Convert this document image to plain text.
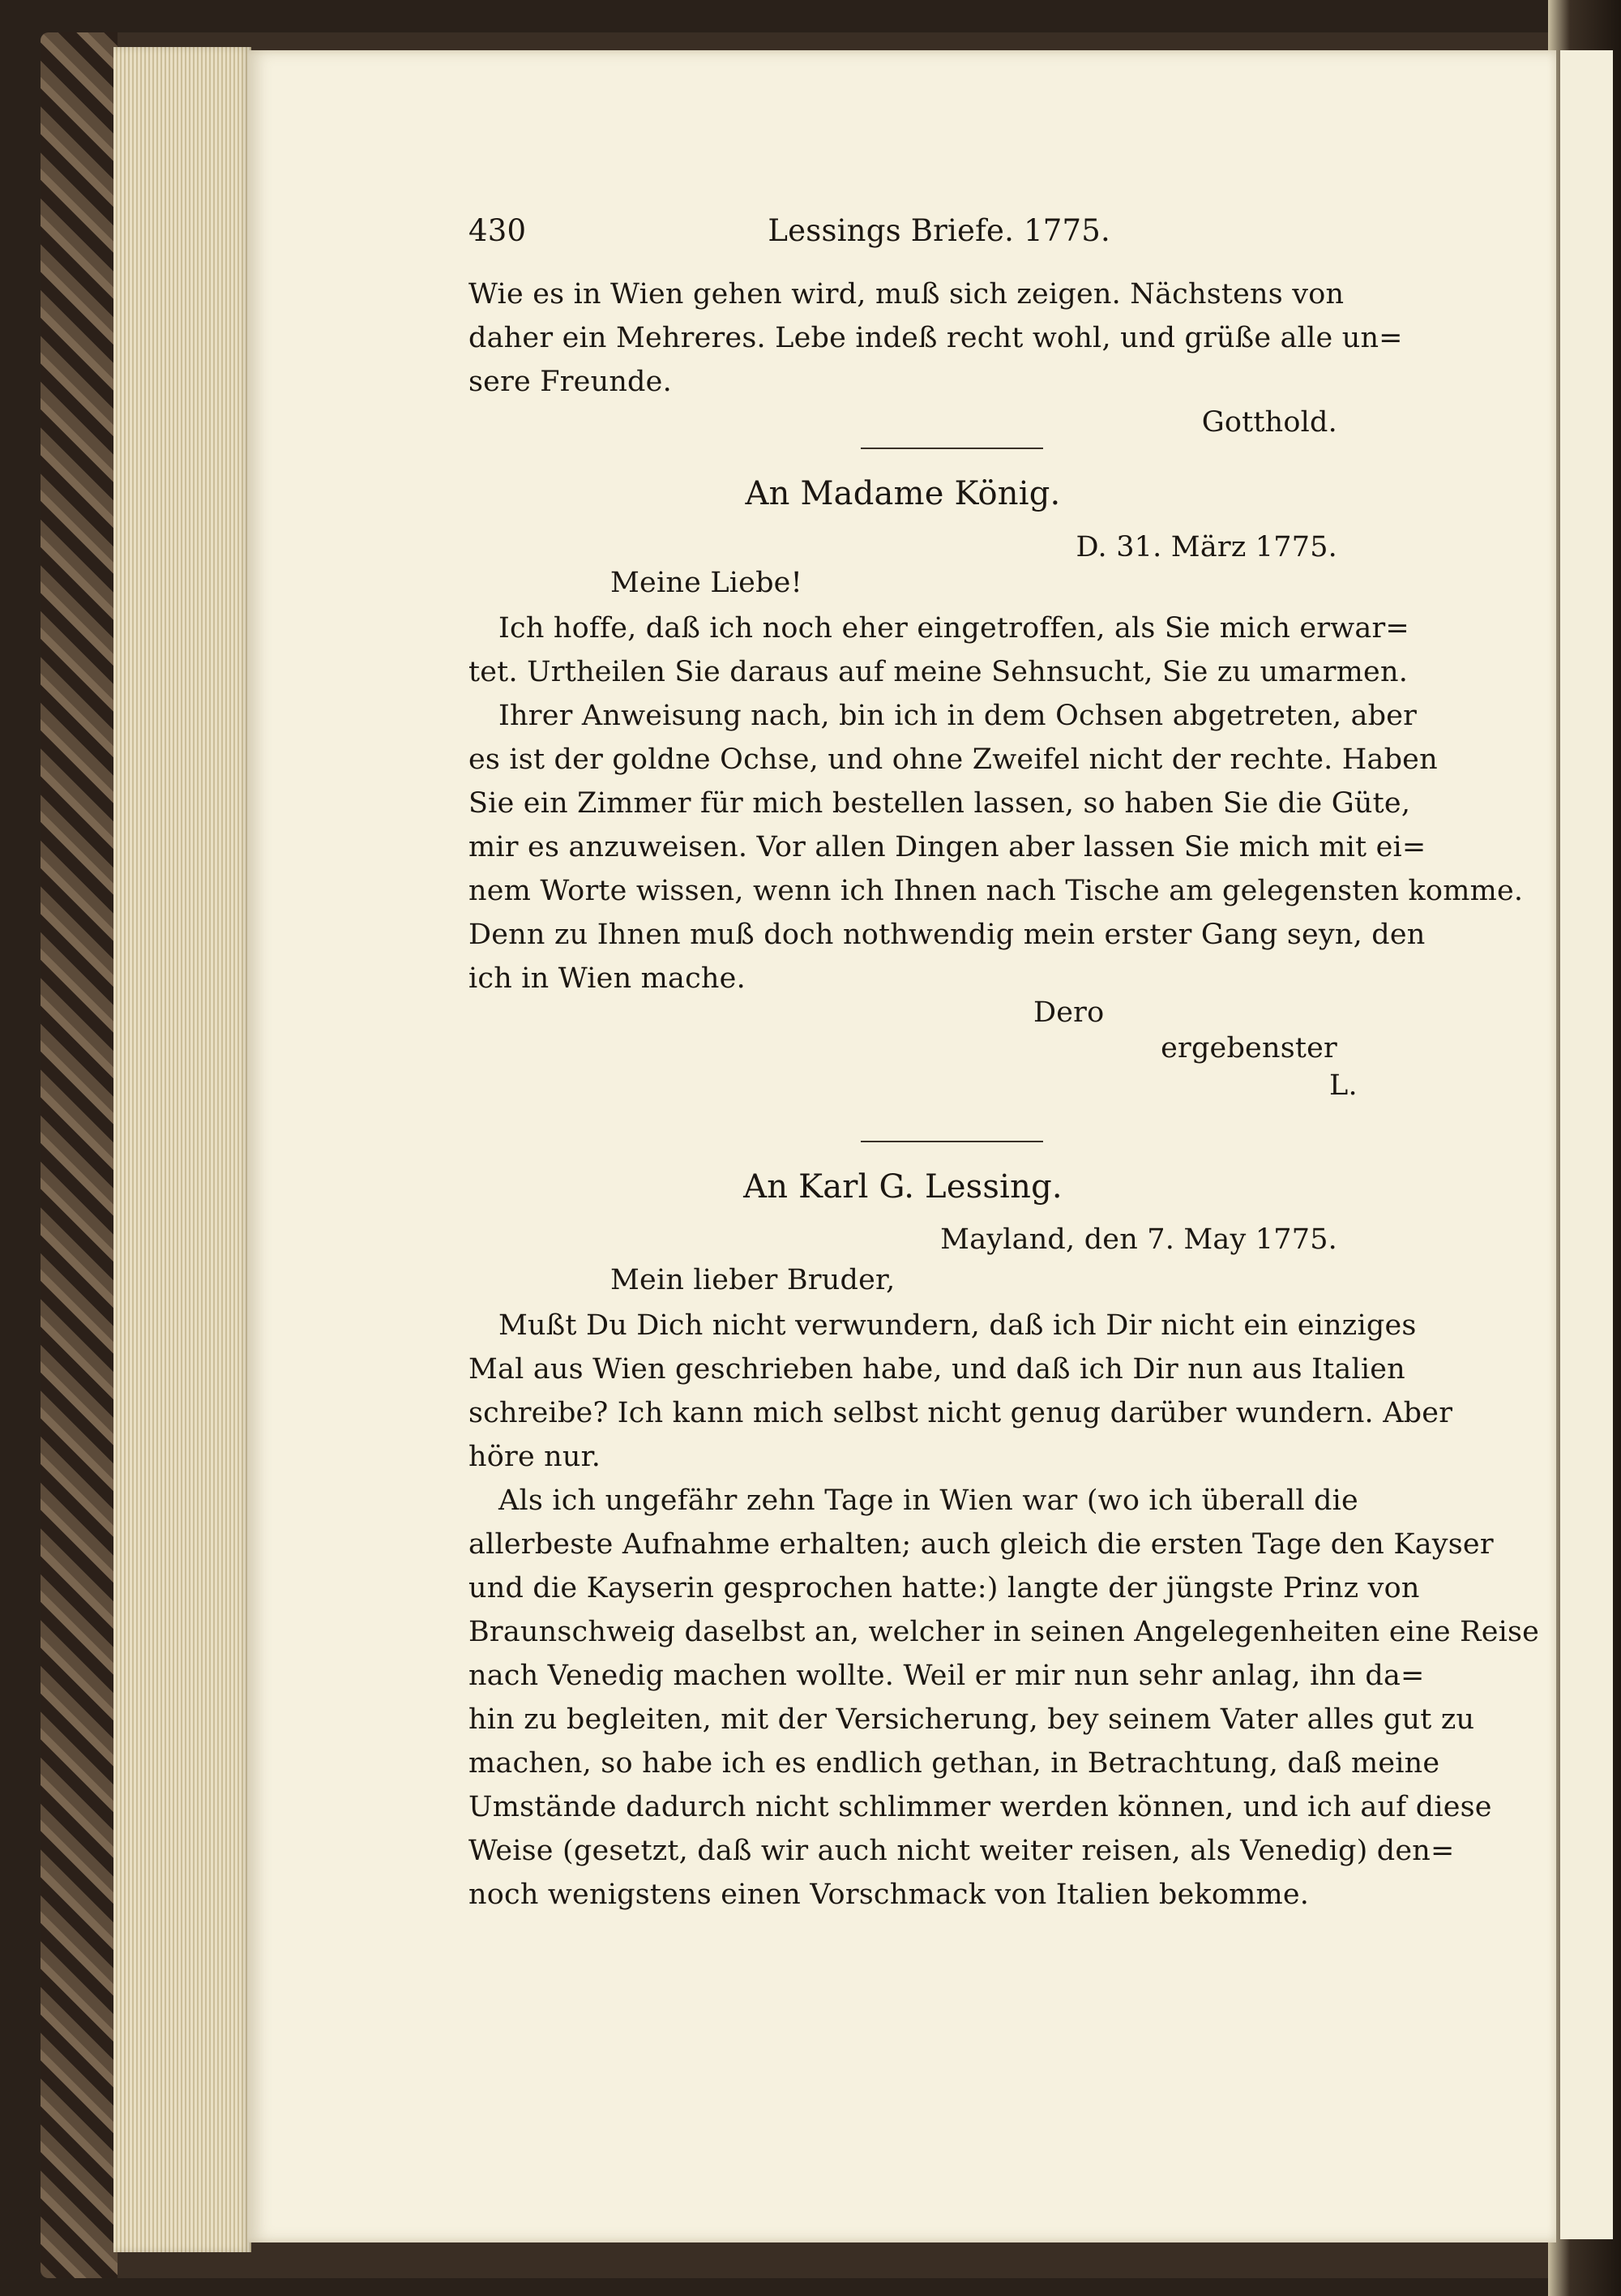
430	Lessings Briefe. 1775.
Wie es in Wien gehen wird, muß sich zeigen. Nächstens von
daher ein Mehreres. Lebe indeß recht wohl, und grüße alle un=
sere Freunde.
Gotthold.
An Madame König.
D. 31. März 1775.
Meine Liebe!
Ich hoffe, daß ich noch eher eingetroffen, als Sie mich erwar=
tet. Urtheilen Sie daraus auf meine Sehnsucht, Sie zu umarmen.
Ihrer Anweisung nach, bin ich in dem Ochsen abgetreten, aber
es ist der goldne Ochse, und ohne Zweifel nicht der rechte. Haben
Sie ein Zimmer für mich bestellen lassen, so haben Sie die Güte,
mir es anzuweisen. Vor allen Dingen aber lassen Sie mich mit ei=
nem Worte wissen, wenn ich Ihnen nach Tische am gelegensten komme.
Denn zu Ihnen muß doch nothwendig mein erster Gang seyn, den
ich in Wien mache.
Dero
ergebenster
L.
An Karl G. Lessing.
Mayland, den 7. May 1775.
Mein lieber Bruder,
Mußt Du Dich nicht verwundern, daß ich Dir nicht ein einziges
Mal aus Wien geschrieben habe, und daß ich Dir nun aus Italien
schreibe? Ich kann mich selbst nicht genug darüber wundern. Aber
höre nur.
Als ich ungefähr zehn Tage in Wien war (wo ich überall die
allerbeste Aufnahme erhalten; auch gleich die ersten Tage den Kayser
und die Kayserin gesprochen hatte:) langte der jüngste Prinz von
Braunschweig daselbst an, welcher in seinen Angelegenheiten eine Reise
nach Venedig machen wollte. Weil er mir nun sehr anlag, ihn da=
hin zu begleiten, mit der Versicherung, bey seinem Vater alles gut zu
machen, so habe ich es endlich gethan, in Betrachtung, daß meine
Umstände dadurch nicht schlimmer werden können, und ich auf diese
Weise (gesetzt, daß wir auch nicht weiter reisen, als Venedig) den=
noch wenigstens einen Vorschmack von Italien bekomme.
